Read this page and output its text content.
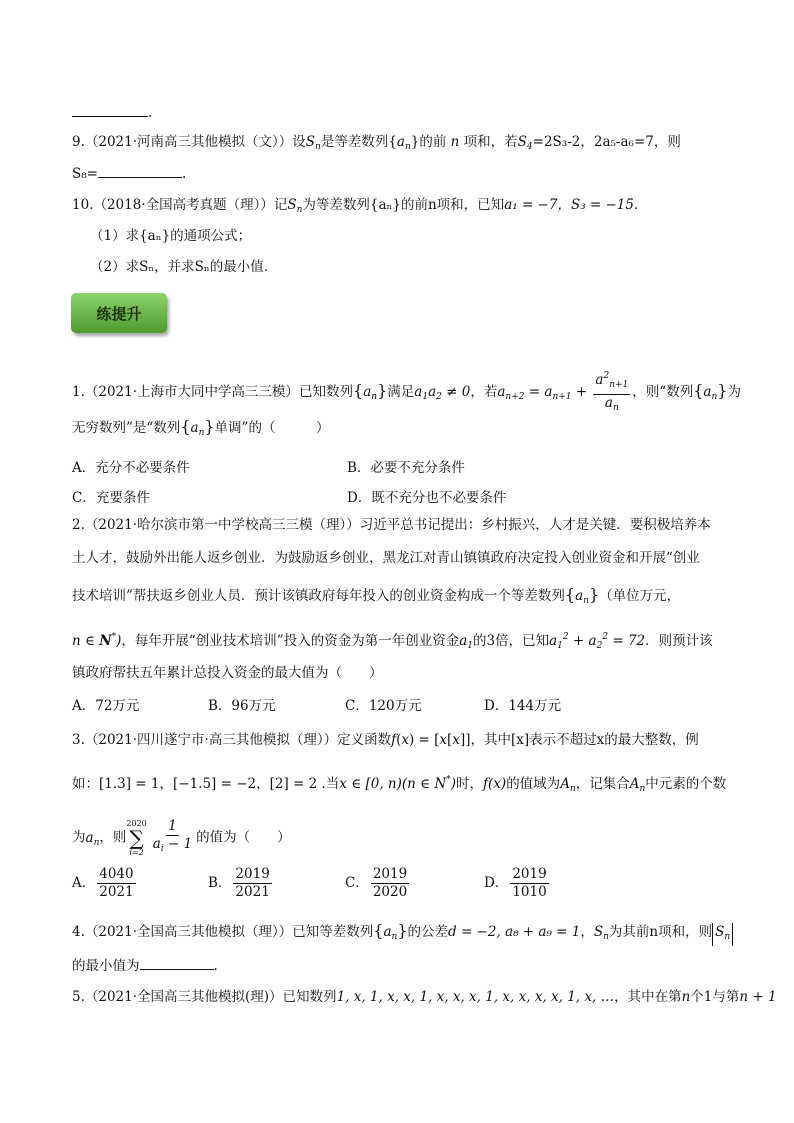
.
9.（2021·河南高三其他模拟（文））设$S_n$是等差数列$\{a_n\}$的前 n 项和，若$S_4=2S_3-2$，2a₅-a₆=7，则
S₈=	.
10.（2018·全国高考真题（理））记$S_n$为等差数列{aₙ}的前n项和，已知a₁ = −7，S₃ = −15．
（1）求{aₙ}的通项公式；
（2）求Sₙ，并求Sₙ的最小值．
练提升
1.（2021·上海市大同中学高三三模）已知数列$\{a_n\}$满足$a_1a_2 \ne 0$，若$a_{n+2} = a_{n+1} + \frac{a^2_{n+1}}{a_n}$ ，则“数列$\{a_n\}$为
无穷数列”是“数列$\{a_n\}$单调”的（　　　）
A．充分不必要条件	B．必要不充分条件
C．充要条件	D．既不充分也不必要条件
2.（2021·哈尔滨市第一中学校高三三模（理））习近平总书记提出：乡村振兴，人才是关键．要积极培养本
土人才，鼓励外出能人返乡创业．为鼓励返乡创业，黑龙江对青山镇镇政府决定投入创业资金和开展“创业
技术培训”帮扶返乡创业人员．预计该镇政府每年投入的创业资金构成一个等差数列$\{a_n\}$（单位万元，
n ∈ N*)，每年开展“创业技术培训”投入的资金为第一年创业资金$a_1$的3倍，已知$a_1^2 + a_2^2 = 72$．则预计该
镇政府帮扶五年累计总投入资金的最大值为（　　）
A．72万元	B．96万元	C．120万元	D．144万元
3.（2021·四川遂宁市·高三其他模拟（理））定义函数f(x) = [x[x]]，其中[x]表示不超过x的最大整数，例
如：[1.3] = 1，[−1.5] = −2，[2] = 2 .当x ∈ [0, n)(n ∈ N*)时，f(x)的值域为$A_n$，记集合$A_n$中元素的个数
为$a_n$，则
2020
∑
$i=2 \frac{1}{a_i - 1}$ 的值为（　　）
A． $\frac{4040}{2021}$	B． $\frac{2019}{2021}$	C． $\frac{2019}{2020}$	D． $\frac{2019}{1010}$
4.（2021·全国高三其他模拟（理））已知等差数列$\{a_n\}$的公差d = −2, a₈ + a₉ = 1，$S_n$为其前n项和，则 $S_n$
的最小值为	.
5.（2021·全国高三其他模拟(理)）已知数列1, x, 1, x, x, 1, x, x, x, 1, x, x, x, x, 1, x, …，其中在第n个1与第n + 1
